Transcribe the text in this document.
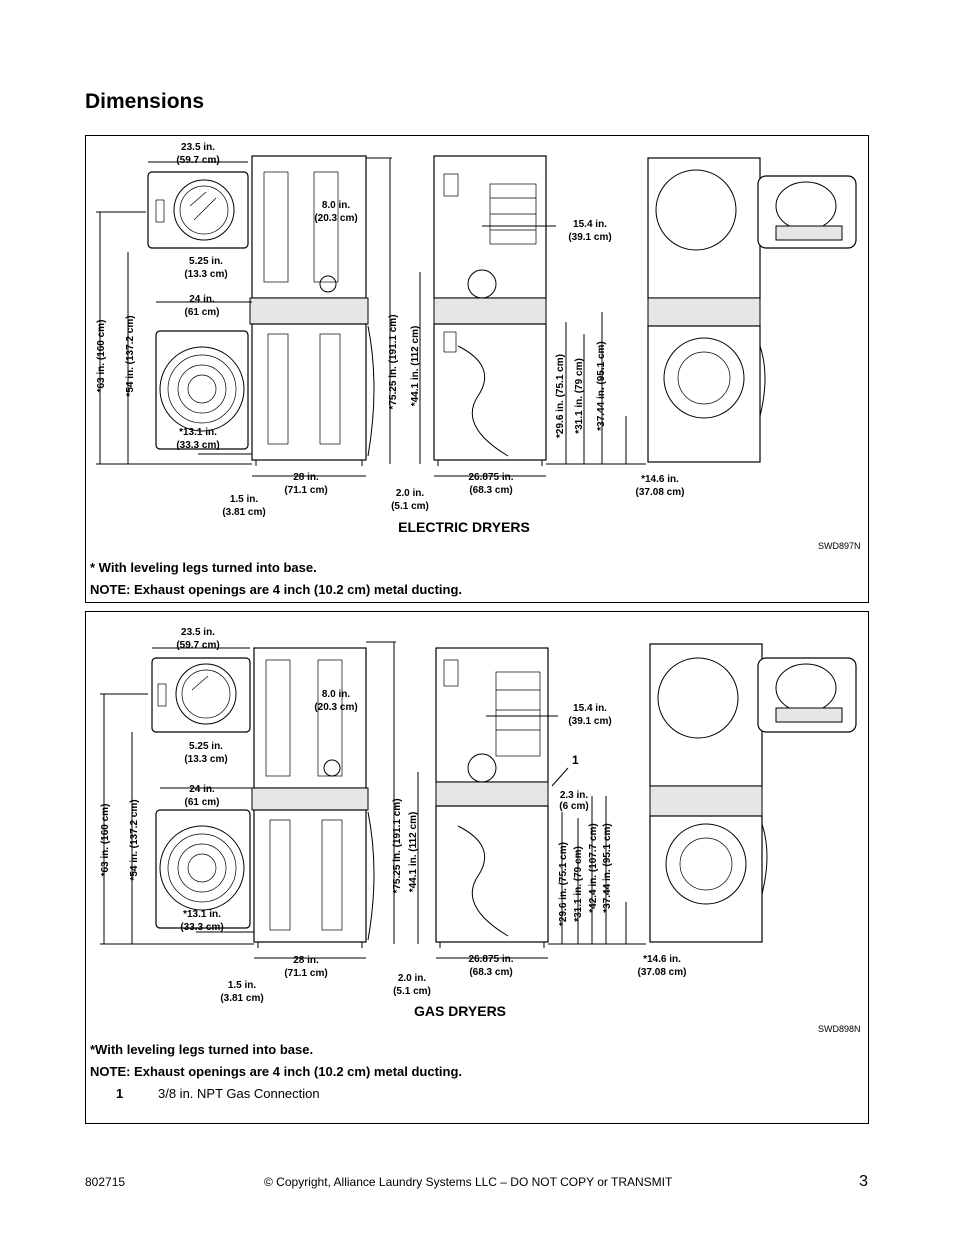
Dimensions
23.5 in.
(59.7 cm)
8.0 in.
(20.3 cm)
5.25 in.
(13.3 cm)
24 in.
(61 cm)
*13.1 in.
(33.3 cm)
28 in.
(71.1 cm)
1.5 in.
(3.81 cm)
2.0 in.
(5.1 cm)
26.875 in.
(68.3 cm)
15.4 in.
(39.1 cm)
*14.6 in.
(37.08 cm)
*63 in. (160 cm) *54 in. (137.2 cm)	*75.25 in. (191.1 cm) *44.1 in. (112 cm)	*29.6 in. (75.1 cm) *31.1 in. (79 cm) *37.44 in. (95.1 cm)
ELECTRIC DRYERS
SWD897N
* With leveling legs turned into base.
NOTE: Exhaust openings are 4 inch (10.2 cm) metal ducting.
23.5 in.
(59.7 cm)
8.0 in.
(20.3 cm)
5.25 in.
(13.3 cm)
24 in.
(61 cm)
*13.1 in.
(33.3 cm)
28 in.
(71.1 cm)
1.5 in.
(3.81 cm)
2.0 in.
(5.1 cm)
26.875 in.
(68.3 cm)
15.4 in.
(39.1 cm)
2.3 in.
(6 cm)
*14.6 in.
(37.08 cm)
1
*63 in. (160 cm) *54 in. (137.2 cm)	*75.25 in. (191.1 cm) *44.1 in. (112 cm)	*29.6 in. (75.1 cm) *31.1 in. (79 cm) *42.4 in. (107.7 cm) *37.44 in. (95.1 cm)
GAS DRYERS
SWD898N
*With leveling legs turned into base.
NOTE: Exhaust openings are 4 inch (10.2 cm) metal ducting.
1	3/8 in. NPT Gas Connection
802715	© Copyright, Alliance Laundry Systems LLC – DO NOT COPY or TRANSMIT	3
